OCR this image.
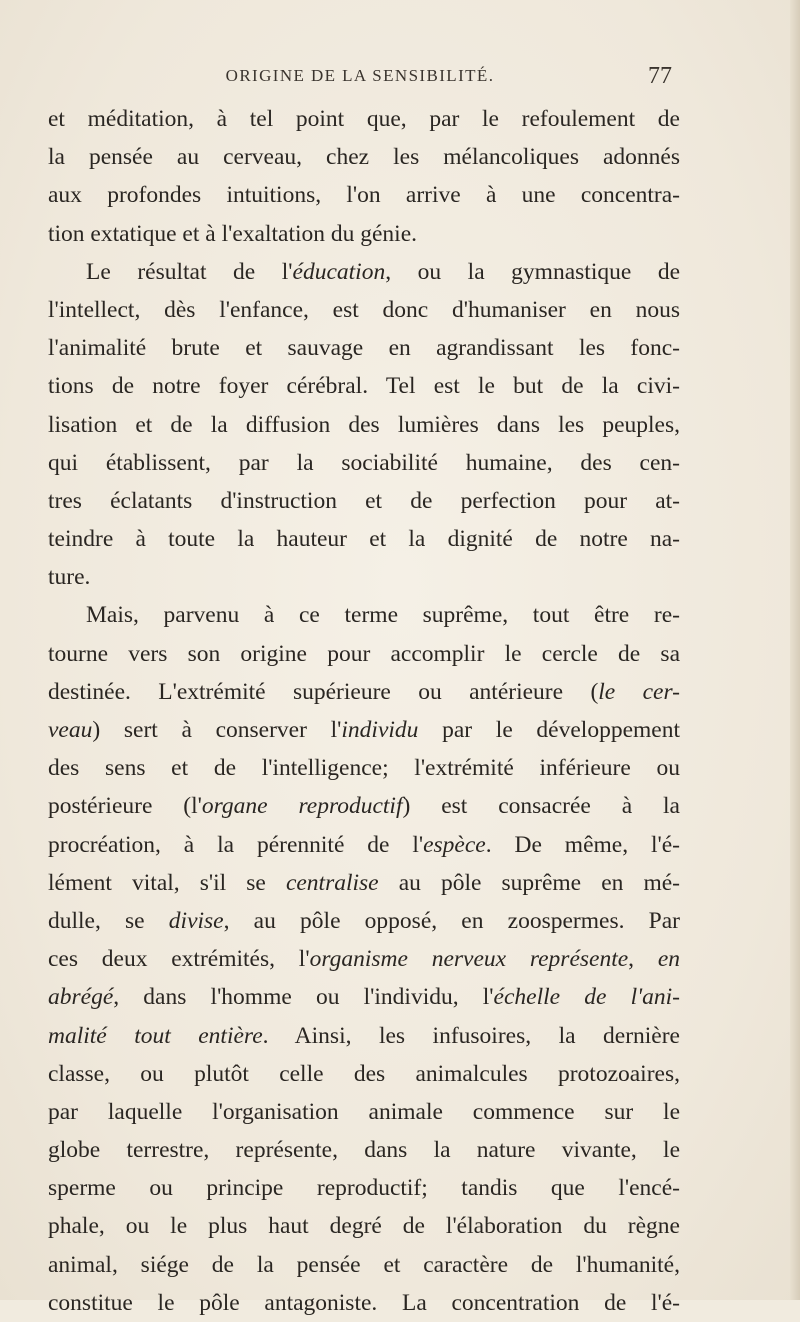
ORIGINE DE LA SENSIBILITÉ.	77
et méditation, à tel point que, par le refoulement de
la pensée au cerveau, chez les mélancoliques adonnés
aux profondes intuitions, l'on arrive à une concentra-
tion extatique et à l'exaltation du génie.
Le résultat de l'éducation, ou la gymnastique de
l'intellect, dès l'enfance, est donc d'humaniser en nous
l'animalité brute et sauvage en agrandissant les fonc-
tions de notre foyer cérébral. Tel est le but de la civi-
lisation et de la diffusion des lumières dans les peuples,
qui établissent, par la sociabilité humaine, des cen-
tres éclatants d'instruction et de perfection pour at-
teindre à toute la hauteur et la dignité de notre na-
ture.
Mais, parvenu à ce terme suprême, tout être re-
tourne vers son origine pour accomplir le cercle de sa
destinée. L'extrémité supérieure ou antérieure (le cer-
veau) sert à conserver l'individu par le développement
des sens et de l'intelligence; l'extrémité inférieure ou
postérieure (l'organe reproductif) est consacrée à la
procréation, à la pérennité de l'espèce. De même, l'é-
lément vital, s'il se centralise au pôle suprême en mé-
dulle, se divise, au pôle opposé, en zoospermes. Par
ces deux extrémités, l'organisme nerveux représente, en
abrégé, dans l'homme ou l'individu, l'échelle de l'ani-
malité tout entière. Ainsi, les infusoires, la dernière
classe, ou plutôt celle des animalcules protozoaires,
par laquelle l'organisation animale commence sur le
globe terrestre, représente, dans la nature vivante, le
sperme ou principe reproductif; tandis que l'encé-
phale, ou le plus haut degré de l'élaboration du règne
animal, siége de la pensée et caractère de l'humanité,
constitue le pôle antagoniste. La concentration de l'é-
